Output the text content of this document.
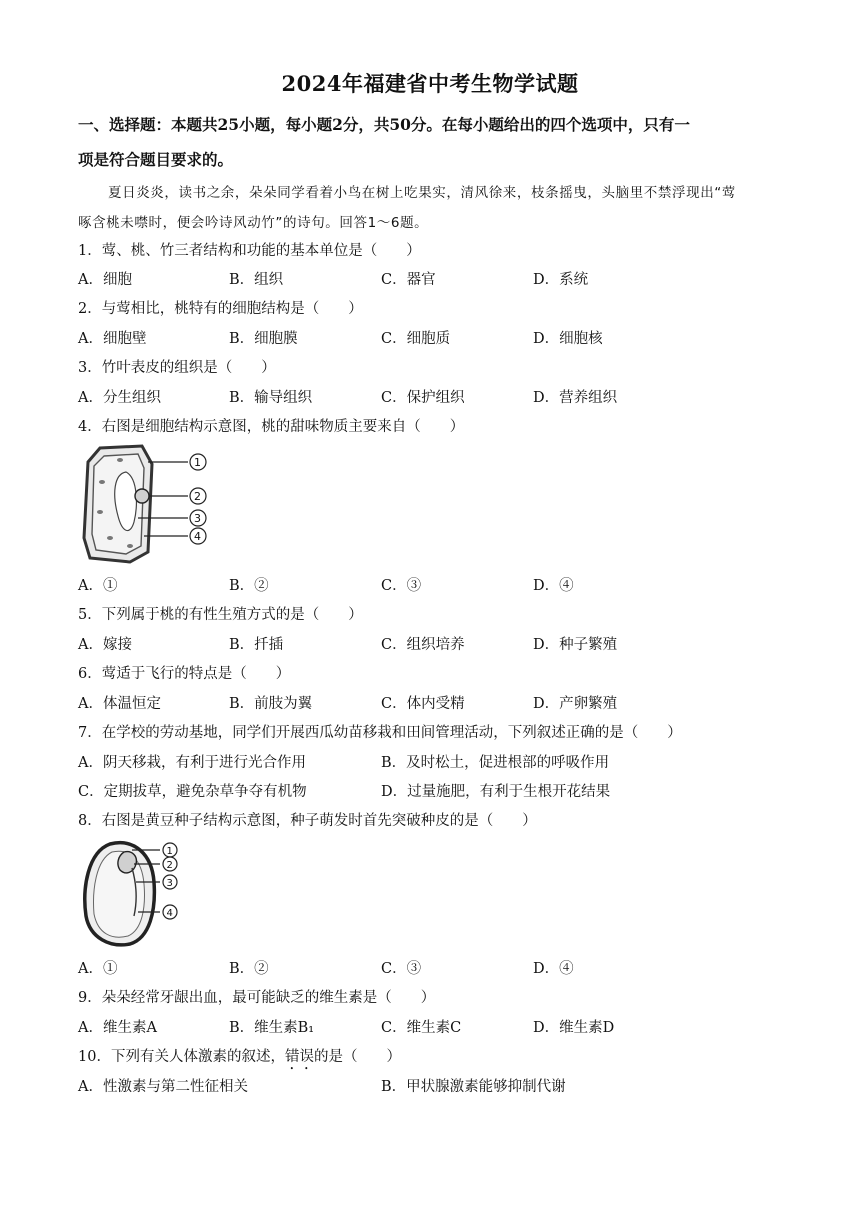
2024年福建省中考生物学试题
一、选择题：本题共25小题，每小题2分，共50分。在每小题给出的四个选项中，只有一
项是符合题目要求的。
夏日炎炎，读书之余，朵朵同学看着小鸟在树上吃果实，清风徐来，枝条摇曳，头脑里不禁浮现出“莺
啄含桃未噤时，便会吟诗风动竹”的诗句。回答1～6题。
1．莺、桃、竹三者结构和功能的基本单位是（　　）
A．细胞	B．组织	C．器官	D．系统
2．与莺相比，桃特有的细胞结构是（　　）
A．细胞壁	B．细胞膜	C．细胞质	D．细胞核
3．竹叶表皮的组织是（　　）
A．分生组织	B．输导组织	C．保护组织	D．营养组织
4．右图是细胞结构示意图，桃的甜味物质主要来自（　　）
1
2
3
4
A．①	B．②	C．③	D．④
5．下列属于桃的有性生殖方式的是（　　）
A．嫁接	B．扦插	C．组织培养	D．种子繁殖
6．莺适于飞行的特点是（　　）
A．体温恒定	B．前肢为翼	C．体内受精	D．产卵繁殖
7．在学校的劳动基地，同学们开展西瓜幼苗移栽和田间管理活动，下列叙述正确的是（　　）
A．阴天移栽，有利于进行光合作用	B．及时松土，促进根部的呼吸作用
C．定期拔草，避免杂草争夺有机物	D．过量施肥，有利于生根开花结果
8．右图是黄豆种子结构示意图，种子萌发时首先突破种皮的是（　　）
1
2
3
4
A．①	B．②	C．③	D．④
9．朵朵经常牙龈出血，最可能缺乏的维生素是（　　）
A．维生素A	B．维生素B₁	C．维生素C	D．维生素D
10．下列有关人体激素的叙述，错误的是（　　）
A．性激素与第二性征相关	B．甲状腺激素能够抑制代谢
